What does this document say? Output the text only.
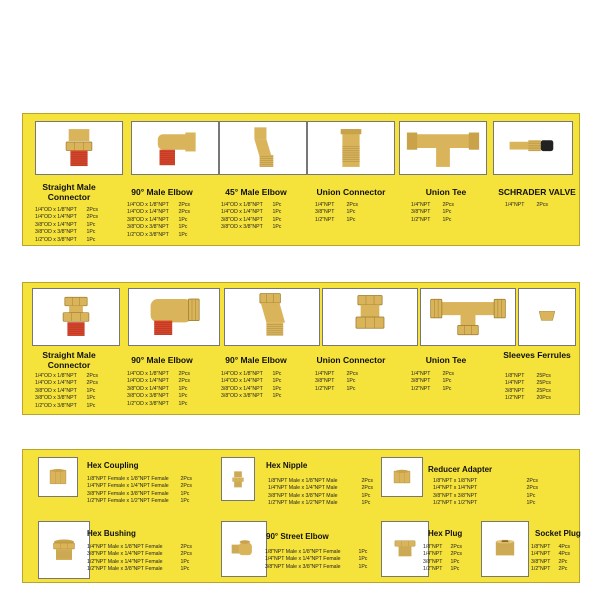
Straight Male Connector
1/4"OD x 1/8"NPT 2Pcs
1/4"OD x 1/4"NPT 2Pcs
3/8"OD x 1/4"NPT 1Pc
3/8"OD x 3/8"NPT 1Pc
1/2"OD x 3/8"NPT 1Pc
90° Male Elbow
1/4"OD x 1/8"NPT 2Pcs
1/4"OD x 1/4"NPT 2Pcs
3/8"OD x 1/4"NPT 1Pc
3/8"OD x 3/8"NPT 1Pc
1/2"OD x 3/8"NPT 1Pc
45° Male Elbow
1/4"OD x 1/8"NPT 1Pc
1/4"OD x 1/4"NPT 1Pc
3/8"OD x 1/4"NPT 1Pc
3/8"OD x 3/8"NPT 1Pc
Union Connector
1/4"NPT 2Pcs
3/8"NPT 1Pc
1/2"NPT 1Pc
Union Tee
1/4"NPT 2Pcs
3/8"NPT 1Pc
1/2"NPT 1Pc
SCHRADER VALVE
1/4"NPT 2Pcs
Straight Male Connector
1/4"OD x 1/8"NPT 2Pcs
1/4"OD x 1/4"NPT 2Pcs
3/8"OD x 1/4"NPT 1Pc
3/8"OD x 3/8"NPT 1Pc
1/2"OD x 3/8"NPT 1Pc
90° Male Elbow
1/4"OD x 1/8"NPT 2Pcs
1/4"OD x 1/4"NPT 2Pcs
3/8"OD x 1/4"NPT 1Pc
3/8"OD x 3/8"NPT 1Pc
1/2"OD x 3/8"NPT 1Pc
90° Male Elbow
1/4"OD x 1/8"NPT 1Pc
1/4"OD x 1/4"NPT 1Pc
3/8"OD x 1/4"NPT 1Pc
3/8"OD x 3/8"NPT 1Pc
Union Connector
1/4"NPT 2Pcs
3/8"NPT 1Pc
1/2"NPT 1Pc
Union Tee
1/4"NPT 2Pcs
3/8"NPT 1Pc
1/2"NPT 1Pc
Sleeves Ferrules
1/8"NPT 25Pcs
1/4"NPT 25Pcs
3/8"NPT 25Pcs
1/2"NPT 20Pcs
Hex Coupling
1/8"NPT Female x 1/8"NPT Female 2Pcs
1/4"NPT Female x 1/4"NPT Female 2Pcs
3/8"NPT Female x 3/8"NPT Female 1Pc
1/2"NPT Female x 1/2"NPT Female 1Pc
Hex Nipple
1/8"NPT Male x 1/8"NPT Male	2Pcs
1/4"NPT Male x 1/4"NPT Male	2Pcs
3/8"NPT Male x 3/8"NPT Male	1Pc
1/2"NPT Male x 1/2"NPT Male	1Pc
Reducer Adapter
1/8"NPT x 1/8"NPT	2Pcs
1/4"NPT x 1/4"NPT	2Pcs
3/8"NPT x 3/8"NPT	1Pc
1/2"NPT x 1/2"NPT	1Pc
Hex Bushing
1/4"NPT Male x 1/8"NPT Female	2Pcs
3/8"NPT Male x 1/4"NPT Female	2Pcs
1/2"NPT Male x 1/4"NPT Female	1Pc
1/2"NPT Male x 3/8"NPT Female	1Pc
90° Street Elbow
1/8"NPT Male x 1/8"NPT Female	1Pc
1/4"NPT Male x 1/4"NPT Female	1Pc
3/8"NPT Male x 3/8"NPT Female	1Pc
Hex Plug
1/8"NPT 2Pcs
1/4"NPT 2Pcs
3/8"NPT 1Pc
1/2"NPT 1Pc
Socket Plug
1/8"NPT 4Pcs
1/4"NPT 4Pcs
3/8"NPT 2Pc
1/2"NPT 2Pc
